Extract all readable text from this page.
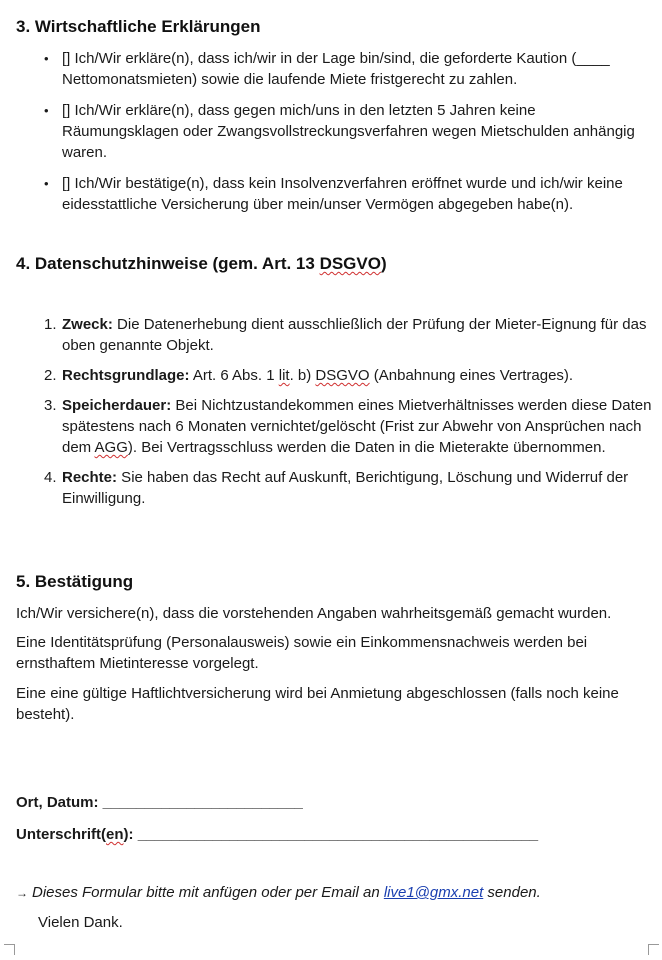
3. Wirtschaftliche Erklärungen
• [] Ich/Wir erkläre(n), dass ich/wir in der Lage bin/sind, die geforderte Kaution (____ Nettomonatsmieten) sowie die laufende Miete fristgerecht zu zahlen.
• [] Ich/Wir erkläre(n), dass gegen mich/uns in den letzten 5 Jahren keine Räumungsklagen oder Zwangsvollstreckungsverfahren wegen Mietschulden anhängig waren.
• [] Ich/Wir bestätige(n), dass kein Insolvenzverfahren eröffnet wurde und ich/wir keine eidesstattliche Versicherung über mein/unser Vermögen abgegeben habe(n).
4. Datenschutzhinweise (gem. Art. 13 DSGVO)
1. Zweck: Die Datenerhebung dient ausschließlich der Prüfung der Mieter-Eignung für das oben genannte Objekt.
2. Rechtsgrundlage: Art. 6 Abs. 1 lit. b) DSGVO (Anbahnung eines Vertrages).
3. Speicherdauer: Bei Nichtzustandekommen eines Mietverhältnisses werden diese Daten spätestens nach 6 Monaten vernichtet/gelöscht (Frist zur Abwehr von Ansprüchen nach dem AGG). Bei Vertragsschluss werden die Daten in die Mieterakte übernommen.
4. Rechte: Sie haben das Recht auf Auskunft, Berichtigung, Löschung und Widerruf der Einwilligung.
5. Bestätigung

Ich/Wir versichere(n), dass die vorstehenden Angaben wahrheitsgemäß gemacht wurden.

Eine Identitätsprüfung (Personalausweis) sowie ein Einkommensnachweis werden bei ernsthaftem Mietinteresse vorgelegt.

Eine eine gültige Haftlichtversicherung wird bei Anmietung abgeschlossen (falls noch keine besteht).

Ort, Datum: ________________________

Unterschrift(en): ________________________________________________

→ Dieses Formular bitte mit anfügen oder per Email an live1@gmx.net senden.

Vielen Dank.
